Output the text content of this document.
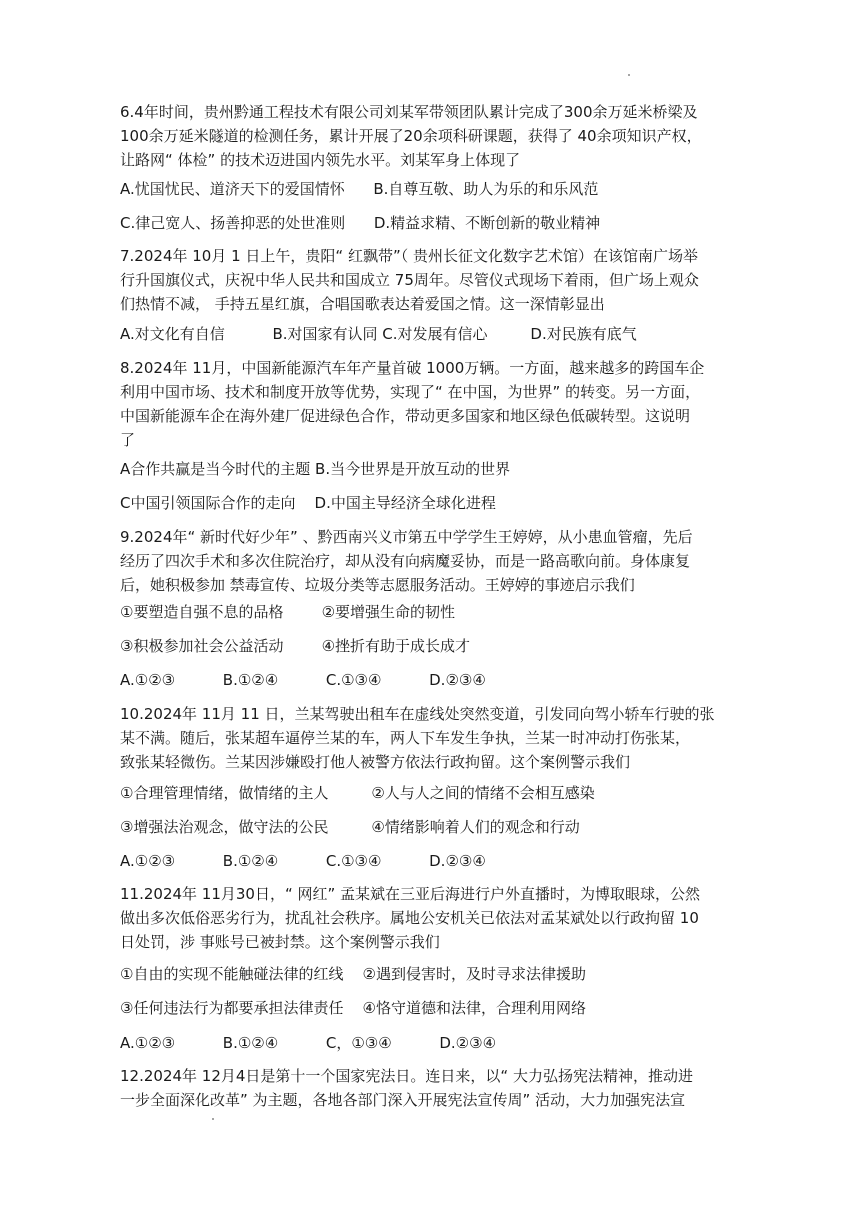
6.4年时间，贵州黔通工程技术有限公司刘某军带领团队累计完成了300余万延米桥梁及
100余万延米隧道的检测任务，累计开展了20余项科研课题，获得了 40余项知识产权，
让路网“ 体检” 的技术迈进国内领先水平。刘某军身上体现了
A.忧国忧民、道济天下的爱国情怀      B.自尊互敬、助人为乐的和乐风范
C.律己宽人、扬善抑恶的处世准则      D.精益求精、不断创新的敬业精神
7.2024年 10月 1 日上午，贵阳“ 红飘带”（ 贵州长征文化数字艺术馆）在该馆南广场举
行升国旗仪式，庆祝中华人民共和国成立 75周年。尽管仪式现场下着雨，但广场上观众
们热情不减， 手持五星红旗，合唱国歌表达着爱国之情。这一深情彰显出
A.对文化有自信          B.对国家有认同 C.对发展有信心         D.对民族有底气
8.2024年 11月，中国新能源汽车年产量首破 1000万辆。一方面，越来越多的跨国车企
利用中国市场、技术和制度开放等优势，实现了“ 在中国，为世界” 的转变。另一方面，
中国新能源车企在海外建厂促进绿色合作，带动更多国家和地区绿色低碳转型。这说明
了
A合作共赢是当今时代的主题 B.当今世界是开放互动的世界
C中国引领国际合作的走向    D.中国主导经济全球化进程
9.2024年“ 新时代好少年” 、黔西南兴义市第五中学学生王婷婷，从小患血管瘤，先后
经历了四次手术和多次住院治疗，却从没有向病魔妥协，而是一路高歌向前。身体康复
后，她积极参加 禁毒宣传、垃圾分类等志愿服务活动。王婷婷的事迹启示我们
①要塑造自强不息的品格        ②要增强生命的韧性
③积极参加社会公益活动        ④挫折有助于成长成才
A.①②③          B.①②④          C.①③④          D.②③④
10.2024年 11月 11 日，兰某驾驶出租车在虚线处突然变道，引发同向驾小轿车行驶的张
某不满。随后，张某超车逼停兰某的车，两人下车发生争执，兰某一时冲动打伤张某，
致张某轻微伤。兰某因涉嫌殴打他人被警方依法行政拘留。这个案例警示我们
①合理管理情绪，做情绪的主人         ②人与人之间的情绪不会相互感染
③增强法治观念，做守法的公民         ④情绪影响着人们的观念和行动
A.①②③          B.①②④          C.①③④          D.②③④
11.2024年 11月30日，“ 网红” 孟某斌在三亚后海进行户外直播时，为博取眼球，公然
做出多次低俗恶劣行为，扰乱社会秩序。属地公安机关已依法对孟某斌处以行政拘留 10
日处罚，涉 事账号已被封禁。这个案例警示我们
①自由的实现不能触碰法律的红线    ②遇到侵害时，及时寻求法律援助
③任何违法行为都要承担法律责任    ④恪守道德和法律，合理利用网络
A.①②③          B.①②④          C，①③④          D.②③④
12.2024年 12月4日是第十一个国家宪法日。连日来，以“ 大力弘扬宪法精神，推动进
一步全面深化改革” 为主题，各地各部门深入开展宪法宣传周” 活动，大力加强宪法宣
